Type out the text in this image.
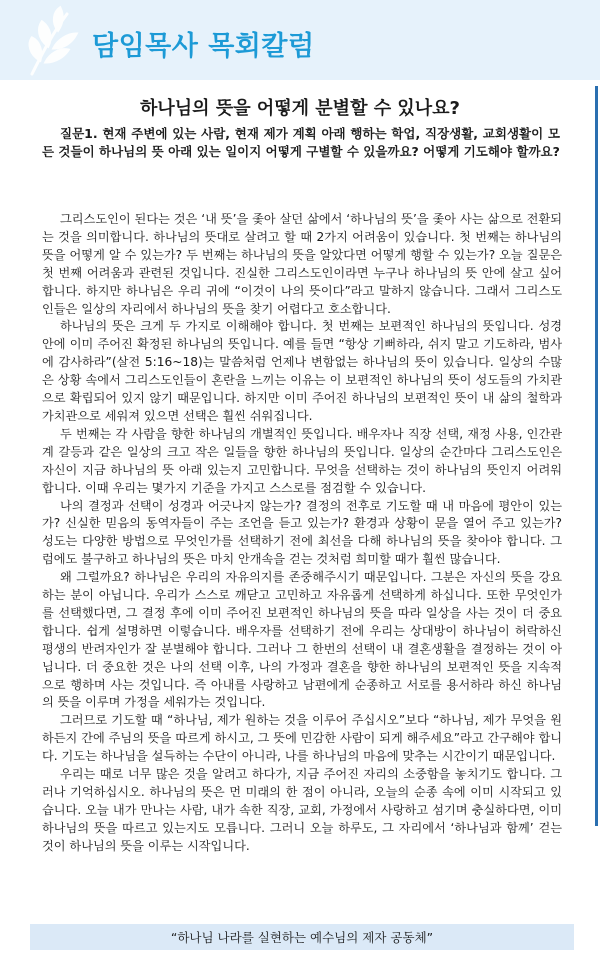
담임목사 목회칼럼
하나님의 뜻을 어떻게 분별할 수 있나요?
질문1. 현재 주변에 있는 사람, 현재 제가 계획 아래 행하는 학업, 직장생활, 교회생활이 모든 것들이 하나님의 뜻 아래 있는 일이지 어떻게 구별할 수 있을까요? 어떻게 기도해야 할까요?

그리스도인이 된다는 것은 ‘내 뜻’을 좇아 살던 삶에서 ‘하나님의 뜻’을 좇아 사는 삶으로 전환되는 것을 의미합니다. 하나님의 뜻대로 살려고 할 때 2가지 어려움이 있습니다. 첫 번째는 하나님의 뜻을 어떻게 알 수 있는가? 두 번째는 하나님의 뜻을 알았다면 어떻게 행할 수 있는가? 오늘 질문은 첫 번째 어려움과 관련된 것입니다. 진실한 그리스도인이라면 누구나 하나님의 뜻 안에 살고 싶어합니다. 하지만 하나님은 우리 귀에 “이것이 나의 뜻이다”라고 말하지 않습니다. 그래서 그리스도인들은 일상의 자리에서 하나님의 뜻을 찾기 어렵다고 호소합니다.

하나님의 뜻은 크게 두 가지로 이해해야 합니다. 첫 번째는 보편적인 하나님의 뜻입니다. 성경 안에 이미 주어진 확정된 하나님의 뜻입니다. 예를 들면 “항상 기뻐하라, 쉬지 말고 기도하라, 범사에 감사하라”(살전 5:16~18)는 말씀처럼 언제나 변함없는 하나님의 뜻이 있습니다. 일상의 수많은 상황 속에서 그리스도인들이 혼란을 느끼는 이유는 이 보편적인 하나님의 뜻이 성도들의 가치관으로 확립되어 있지 않기 때문입니다. 하지만 이미 주어진 하나님의 보편적인 뜻이 내 삶의 철학과 가치관으로 세워져 있으면 선택은 훨씬 쉬워집니다.

두 번째는 각 사람을 향한 하나님의 개별적인 뜻입니다. 배우자나 직장 선택, 재정 사용, 인간관계 갈등과 같은 일상의 크고 작은 일들을 향한 하나님의 뜻입니다. 일상의 순간마다 그리스도인은 자신이 지금 하나님의 뜻 아래 있는지 고민합니다. 무엇을 선택하는 것이 하나님의 뜻인지 어려워합니다. 이때 우리는 몇가지 기준을 가지고 스스로를 점검할 수 있습니다.

나의 결정과 선택이 성경과 어긋나지 않는가? 결정의 전후로 기도할 때 내 마음에 평안이 있는가? 신실한 믿음의 동역자들이 주는 조언을 듣고 있는가? 환경과 상황이 문을 열어 주고 있는가? 성도는 다양한 방법으로 무엇인가를 선택하기 전에 최선을 다해 하나님의 뜻을 찾아야 합니다. 그럼에도 불구하고 하나님의 뜻은 마치 안개속을 걷는 것처럼 희미할 때가 훨씬 많습니다.

왜 그럴까요? 하나님은 우리의 자유의지를 존중해주시기 때문입니다. 그분은 자신의 뜻을 강요하는 분이 아닙니다. 우리가 스스로 깨닫고 고민하고 자유롭게 선택하게 하십니다. 또한 무엇인가를 선택했다면, 그 결정 후에 이미 주어진 보편적인 하나님의 뜻을 따라 일상을 사는 것이 더 중요합니다. 쉽게 설명하면 이렇습니다. 배우자를 선택하기 전에 우리는 상대방이 하나님이 허락하신 평생의 반려자인가 잘 분별해야 합니다. 그러나 그 한번의 선택이 내 결혼생활을 결정하는 것이 아닙니다. 더 중요한 것은 나의 선택 이후, 나의 가정과 결혼을 향한 하나님의 보편적인 뜻을 지속적으로 행하며 사는 것입니다. 즉 아내를 사랑하고 남편에게 순종하고 서로를 용서하라 하신 하나님의 뜻을 이루며 가정을 세워가는 것입니다.

그러므로 기도할 때 “하나님, 제가 원하는 것을 이루어 주십시오”보다 “하나님, 제가 무엇을 원하든지 간에 주님의 뜻을 따르게 하시고, 그 뜻에 민감한 사람이 되게 해주세요”라고 간구해야 합니다. 기도는 하나님을 설득하는 수단이 아니라, 나를 하나님의 마음에 맞추는 시간이기 때문입니다.

우리는 때로 너무 많은 것을 알려고 하다가, 지금 주어진 자리의 소중함을 놓치기도 합니다. 그러나 기억하십시오. 하나님의 뜻은 먼 미래의 한 점이 아니라, 오늘의 순종 속에 이미 시작되고 있습니다. 오늘 내가 만나는 사람, 내가 속한 직장, 교회, 가정에서 사랑하고 섬기며 충실하다면, 이미 하나님의 뜻을 따르고 있는지도 모릅니다. 그러니 오늘 하루도, 그 자리에서 ‘하나님과 함께’ 걷는 것이 하나님의 뜻을 이루는 시작입니다.

“하나님 나라를 실현하는 예수님의 제자 공동체”
